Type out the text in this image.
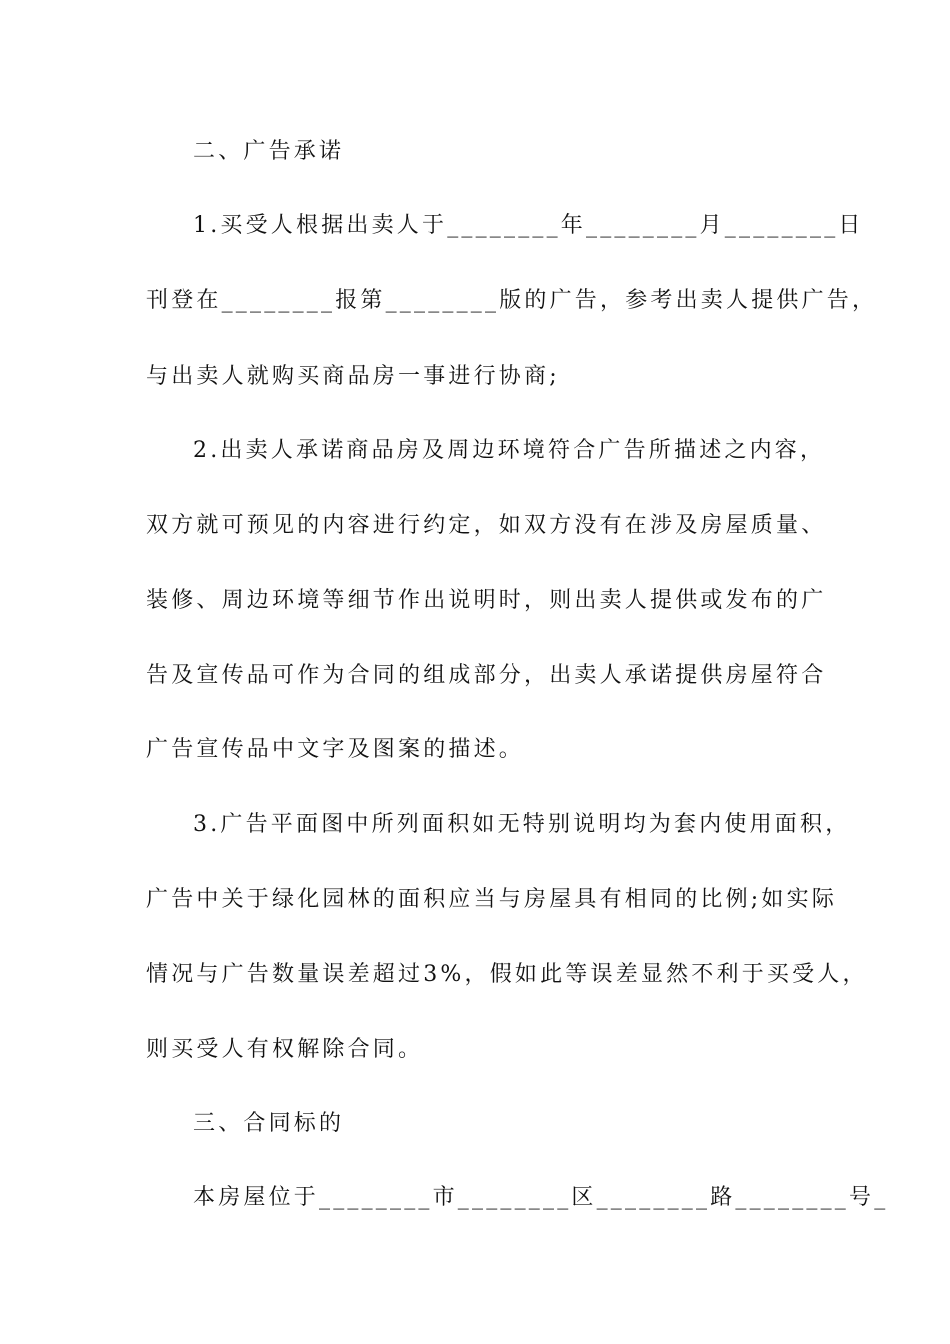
二、广告承诺
1.买受人根据出卖人于________年________月________日
刊登在________报第________版的广告，参考出卖人提供广告，
与出卖人就购买商品房一事进行协商;
2.出卖人承诺商品房及周边环境符合广告所描述之内容，
双方就可预见的内容进行约定，如双方没有在涉及房屋质量、
装修、周边环境等细节作出说明时，则出卖人提供或发布的广
告及宣传品可作为合同的组成部分，出卖人承诺提供房屋符合
广告宣传品中文字及图案的描述。
3.广告平面图中所列面积如无特别说明均为套内使用面积，
广告中关于绿化园林的面积应当与房屋具有相同的比例;如实际
情况与广告数量误差超过3%，假如此等误差显然不利于买受人，
则买受人有权解除合同。
三、合同标的
本房屋位于________市________区________路________号_
